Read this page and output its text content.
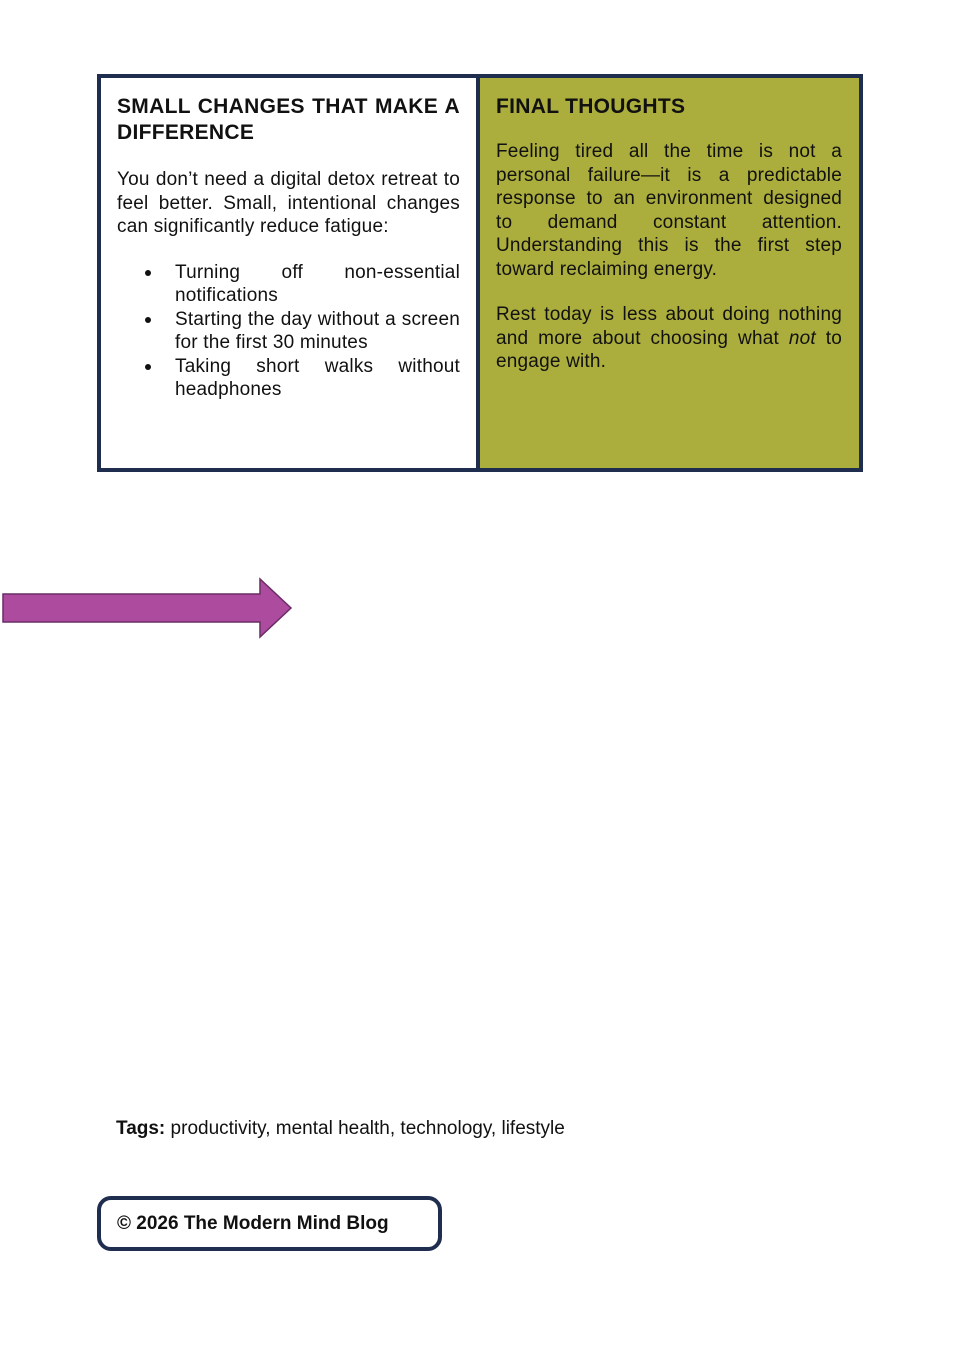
SMALL CHANGES THAT MAKE A DIFFERENCE

You don’t need a digital detox retreat to feel better. Small, intentional changes can significantly reduce fatigue:

Turning off non-essential notifications
Starting the day without a screen for the first 30 minutes
Taking short walks without headphones
FINAL THOUGHTS

Feeling tired all the time is not a personal failure—it is a predictable response to an environment designed to demand constant attention. Understanding this is the first step toward reclaiming energy.

Rest today is less about doing nothing and more about choosing what not to engage with.

Tags: productivity, mental health, technology, lifestyle
© 2026 The Modern Mind Blog
